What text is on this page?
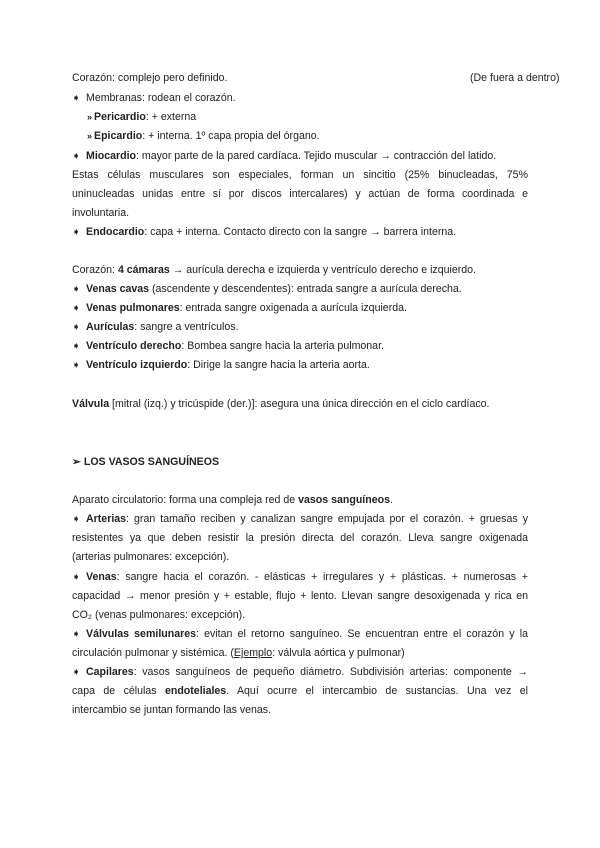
Corazón: complejo pero definido.	(De fuera a dentro)
➧ Membranas: rodean el corazón.
» Pericardio: + externa
» Epicardio: + interna. 1º capa propia del órgano.
➧ Miocardio: mayor parte de la pared cardíaca. Tejido muscular → contracción del latido.
Estas células musculares son especiales, forman un sincitio (25% binucleadas, 75%
uninucleadas unidas entre sí por discos intercalares) y actúan de forma coordinada e
involuntaria.
➧ Endocardio: capa + interna. Contacto directo con la sangre → barrera interna.
Corazón: 4 cámaras → aurícula derecha e izquierda y ventrículo derecho e izquierdo.
➧ Venas cavas (ascendente y descendentes): entrada sangre a aurícula derecha.
➧ Venas pulmonares: entrada sangre oxigenada a aurícula izquierda.
➧ Aurículas: sangre a ventrículos.
➧ Ventrículo derecho: Bombea sangre hacia la arteria pulmonar.
➧ Ventrículo izquierdo: Dirige la sangre hacia la arteria aorta.
Válvula [mitral (izq.) y tricúspide (der.)]: asegura una única dirección en el ciclo cardíaco.
➢ LOS VASOS SANGUÍNEOS
Aparato circulatorio: forma una compleja red de vasos sanguíneos.
➧ Arterias: gran tamaño reciben y canalizan sangre empujada por el corazón. + gruesas y
resistentes ya que deben resistir la presión directa del corazón. Lleva sangre oxigenada
(arterias pulmonares: excepción).
➧ Venas: sangre hacia el corazón. - elásticas + irregulares y + plásticas. + numerosas +
capacidad → menor presión y + estable, flujo + lento. Llevan sangre desoxigenada y rica en
CO₂ (venas pulmonares: excepción).
➧ Válvulas semilunares: evitan el retorno sanguíneo. Se encuentran entre el corazón y la
circulación pulmonar y sistémica. (Ejemplo: válvula aórtica y pulmonar)
➧ Capilares: vasos sanguíneos de pequeño diámetro. Subdivisión arterias: componente →
capa de células endoteliales. Aquí ocurre el intercambio de sustancias. Una vez el
intercambio se juntan formando las venas.
